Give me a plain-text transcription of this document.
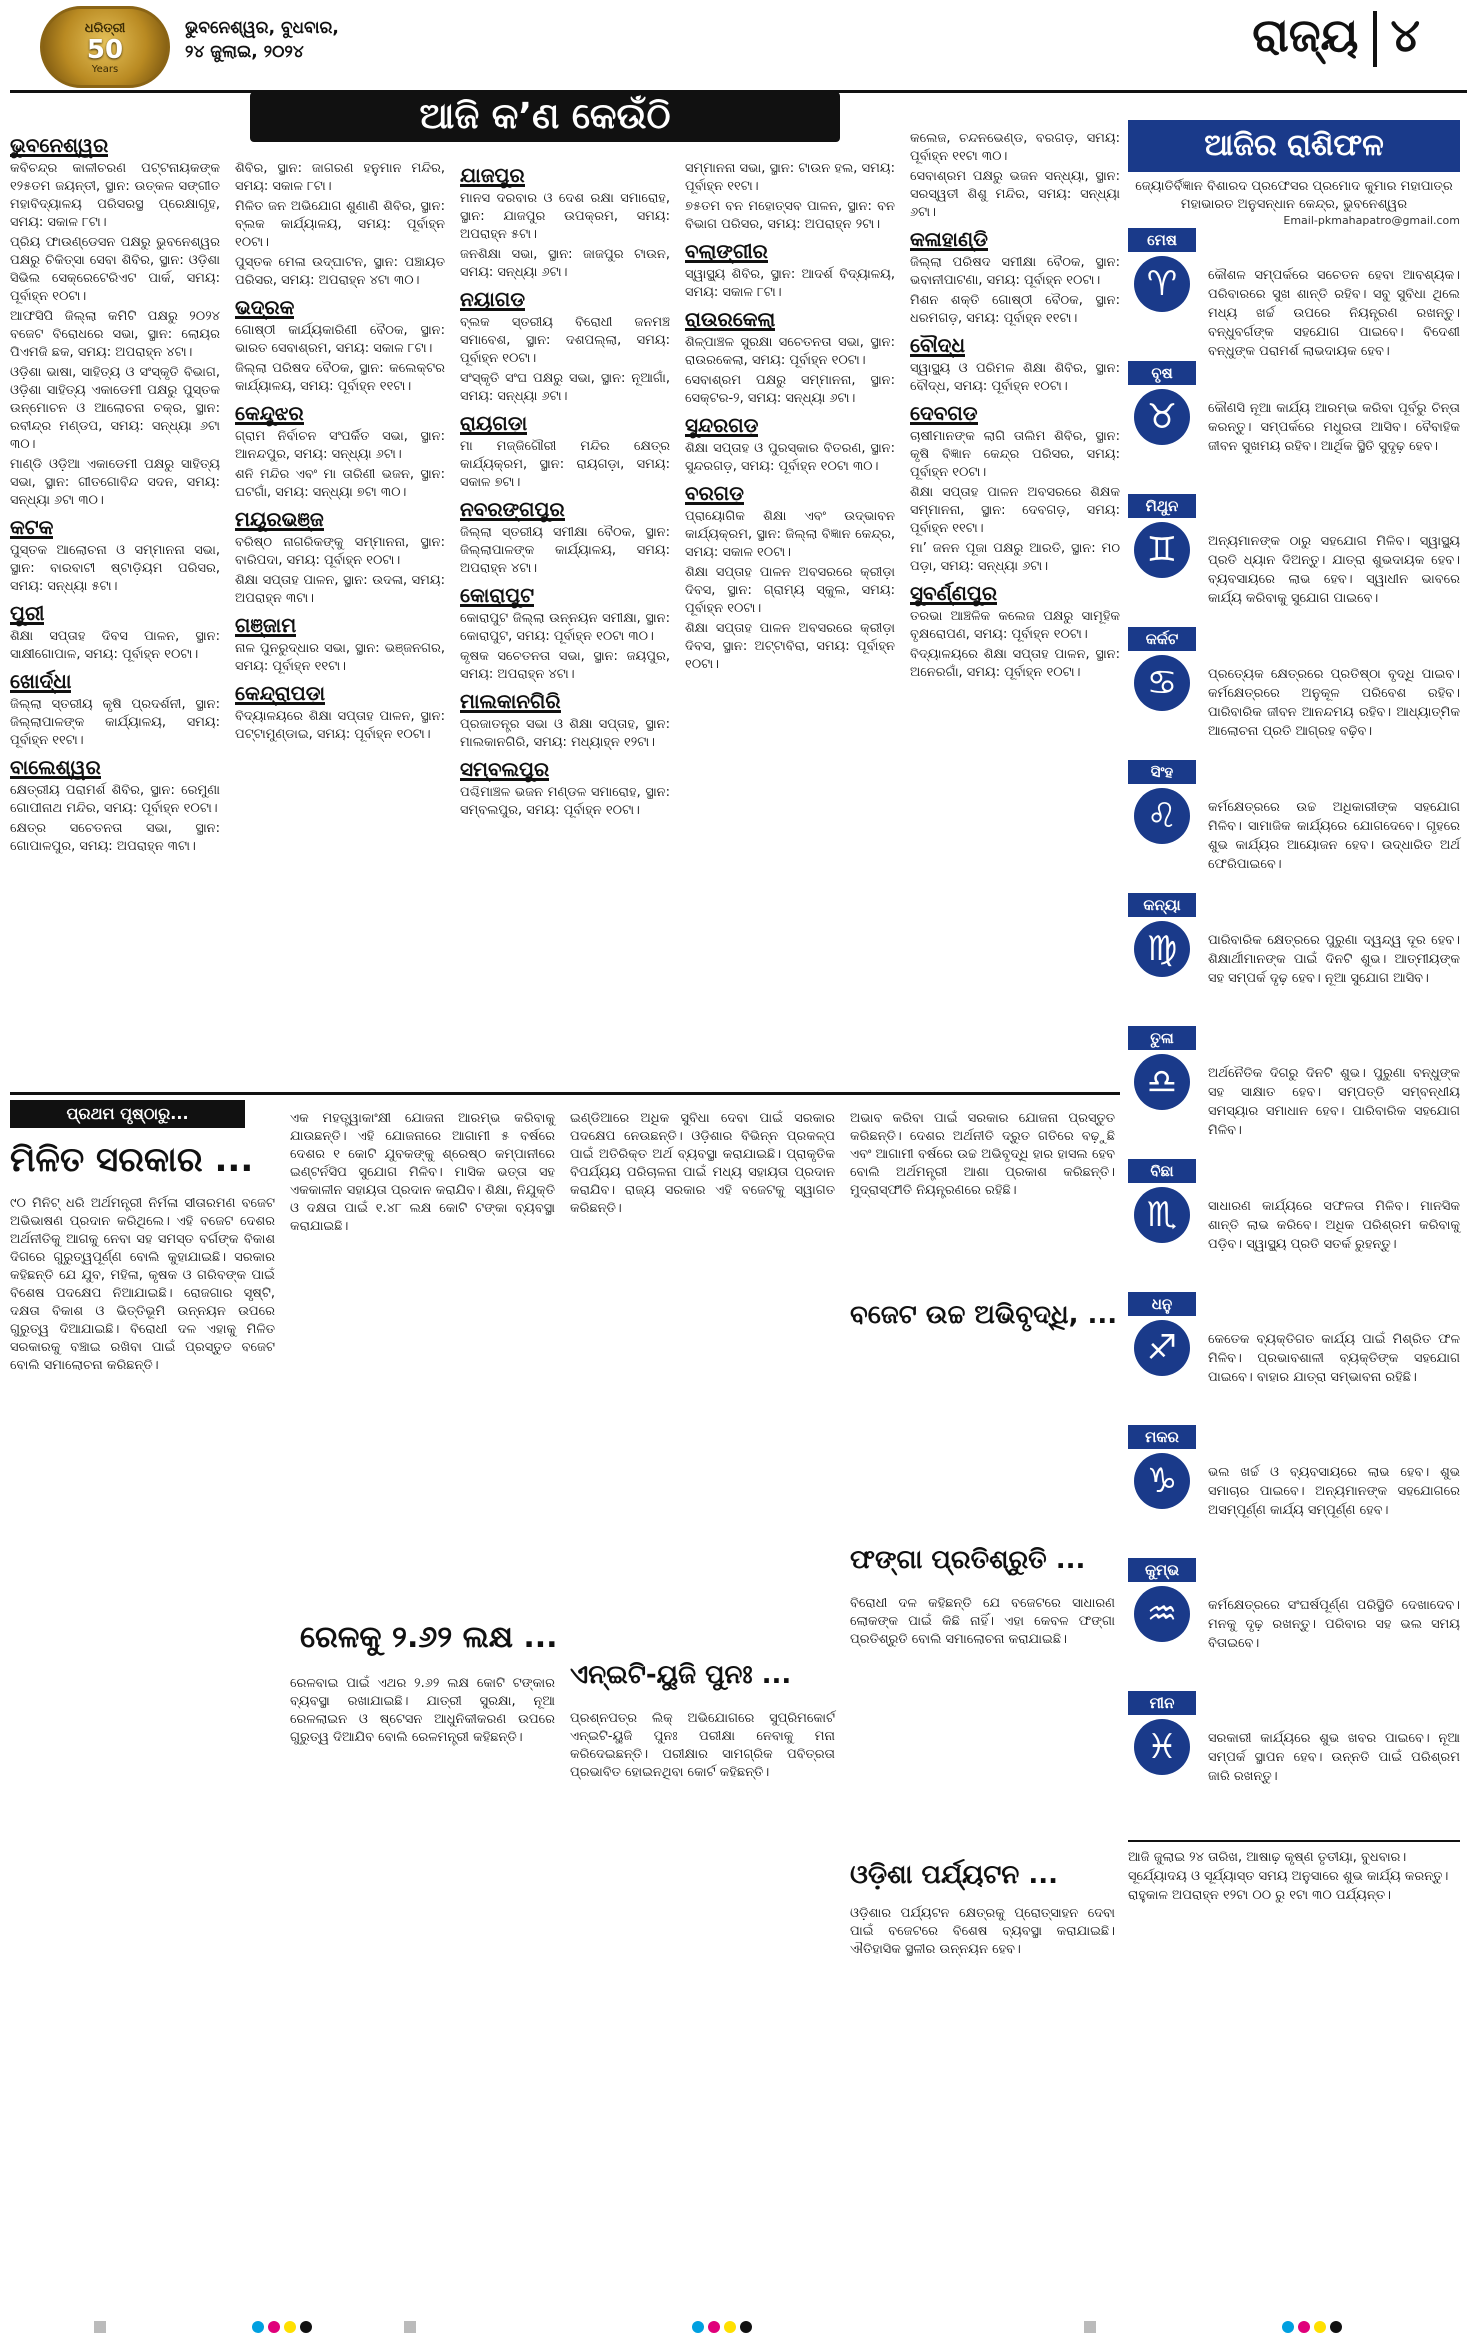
ଧରିତ୍ରୀ
50
Years
ଭୁବନେଶ୍ୱର, ବୁଧବାର,
୨୪ ଜୁଲାଇ, ୨୦୨୪	ରାଜ୍ୟ ୪
ଆଜି କ’ଣ କେଉଁଠି
ଭୁବନେଶ୍ୱର
କବିଚନ୍ଦ୍ର କାଳୀଚରଣ ପଟ୍ଟନାୟକଙ୍କ ୧୨୫ତମ ଜୟନ୍ତୀ, ସ୍ଥାନ: ଉତ୍କଳ ସଙ୍ଗୀତ ମହାବିଦ୍ୟାଳୟ ପରିସରସ୍ଥ ପ୍ରେକ୍ଷାଗୃହ, ସମୟ: ସକାଳ ୮ଟା।
ପ୍ରିୟ ଫାଉଣ୍ଡେସନ ପକ୍ଷରୁ ଭୁବନେଶ୍ୱର ପକ୍ଷରୁ ଚିକିତ୍ସା ସେବା ଶିବିର, ସ୍ଥାନ: ଓଡ଼ିଶା ସିଭିଲ ସେକ୍ରେଟେରିଏଟ ପାର୍କ, ସମୟ: ପୂର୍ବାହ୍ନ ୧୦ଟା।
ଆଫସିପି ଜିଲ୍ଲା କମିଟି ପକ୍ଷରୁ ୨୦୨୪ ବଜେଟ ବିରୋଧରେ ସଭା, ସ୍ଥାନ: ଲୋୟର ପିଏମଜି ଛକ, ସମୟ: ଅପରାହ୍ନ ୪ଟା।
ଓଡ଼ିଶା ଭାଷା, ସାହିତ୍ୟ ଓ ସଂସ୍କୃତି ବିଭାଗ, ଓଡ଼ିଶା ସାହିତ୍ୟ ଏକାଡେମୀ ପକ୍ଷରୁ ପୁସ୍ତକ ଉନ୍ମୋଚନ ଓ ଆଲୋଚନା ଚକ୍ର, ସ୍ଥାନ: ରବୀନ୍ଦ୍ର ମଣ୍ଡପ, ସମୟ: ସନ୍ଧ୍ୟା ୬ଟା ୩୦।
ମାଣ୍ଡି ଓଡ଼ିଆ ଏକାଡେମୀ ପକ୍ଷରୁ ସାହିତ୍ୟ ସଭା, ସ୍ଥାନ: ଗୀତଗୋବିନ୍ଦ ସଦନ, ସମୟ: ସନ୍ଧ୍ୟା ୬ଟା ୩୦।
କଟକ
ପୁସ୍ତକ ଆଲୋଚନା ଓ ସମ୍ମାନନା ସଭା, ସ୍ଥାନ: ବାରବାଟୀ ଷ୍ଟାଡ଼ିୟମ ପରିସର, ସମୟ: ସନ୍ଧ୍ୟା ୫ଟା।
ପୁରୀ
ଶିକ୍ଷା ସପ୍ତାହ ଦିବସ ପାଳନ, ସ୍ଥାନ: ସାକ୍ଷୀଗୋପାଳ, ସମୟ: ପୂର୍ବାହ୍ନ ୧୦ଟା।
ଖୋର୍ଦ୍ଧା
ଜିଲ୍ଲା ସ୍ତରୀୟ କୃଷି ପ୍ରଦର୍ଶନୀ, ସ୍ଥାନ: ଜିଲ୍ଲାପାଳଙ୍କ କାର୍ଯ୍ୟାଳୟ, ସମୟ: ପୂର୍ବାହ୍ନ ୧୧ଟା।
ବାଲେଶ୍ୱର
କ୍ଷେତ୍ରୀୟ ପରାମର୍ଶ ଶିବିର, ସ୍ଥାନ: ରେମୁଣା ଗୋପୀନାଥ ମନ୍ଦିର, ସମୟ: ପୂର୍ବାହ୍ନ ୧୦ଟା।
କ୍ଷେତ୍ର ସଚେତନତା ସଭା, ସ୍ଥାନ: ଗୋପାଳପୁର, ସମୟ: ଅପରାହ୍ନ ୩ଟା।
ଶିବିର, ସ୍ଥାନ: ଜାଗରଣ ହନୁମାନ ମନ୍ଦିର, ସମୟ: ସକାଳ ୮ଟା।
ମିଳିତ ଜନ ଅଭିଯୋଗ ଶୁଣାଣି ଶିବିର, ସ୍ଥାନ: ବ୍ଲକ କାର୍ଯ୍ୟାଳୟ, ସମୟ: ପୂର୍ବାହ୍ନ ୧୦ଟା।
ପୁସ୍ତକ ମେଳା ଉଦ୍‌ଘାଟନ, ସ୍ଥାନ: ପଞ୍ଚାୟତ ପରିସର, ସମୟ: ଅପରାହ୍ନ ୪ଟା ୩୦।
ଭଦ୍ରକ
ଗୋଷ୍ଠୀ କାର୍ଯ୍ୟକାରିଣୀ ବୈଠକ, ସ୍ଥାନ: ଭାରତ ସେବାଶ୍ରମ, ସମୟ: ସକାଳ ୮ଟା।
ଜିଲ୍ଲା ପରିଷଦ ବୈଠକ, ସ୍ଥାନ: କଲେକ୍ଟର କାର୍ଯ୍ୟାଳୟ, ସମୟ: ପୂର୍ବାହ୍ନ ୧୧ଟା।
କେନ୍ଦୁଝର
ଗ୍ରାମ ନିର୍ବାଚନ ସଂପର୍କିତ ସଭା, ସ୍ଥାନ: ଆନନ୍ଦପୁର, ସମୟ: ସନ୍ଧ୍ୟା ୬ଟା।
ଶନି ମନ୍ଦିର ଏବଂ ମା ତାରିଣୀ ଭଜନ, ସ୍ଥାନ: ଘଟଗାଁ, ସମୟ: ସନ୍ଧ୍ୟା ୭ଟା ୩୦।
ମୟୂରଭଞ୍ଜ
ବରିଷ୍ଠ ନାଗରିକଙ୍କୁ ସମ୍ମାନନା, ସ୍ଥାନ: ବାରିପଦା, ସମୟ: ପୂର୍ବାହ୍ନ ୧୦ଟା।
ଶିକ୍ଷା ସପ୍ତାହ ପାଳନ, ସ୍ଥାନ: ଉଦଳା, ସମୟ: ଅପରାହ୍ନ ୩ଟା।
ଗଞ୍ଜାମ
ନାଳ ପୁନରୁଦ୍ଧାର ସଭା, ସ୍ଥାନ: ଭଞ୍ଜନଗର, ସମୟ: ପୂର୍ବାହ୍ନ ୧୧ଟା।
କେନ୍ଦ୍ରାପଡ଼ା
ବିଦ୍ୟାଳୟରେ ଶିକ୍ଷା ସପ୍ତାହ ପାଳନ, ସ୍ଥାନ: ପଟ୍ଟାମୁଣ୍ଡାଇ, ସମୟ: ପୂର୍ବାହ୍ନ ୧୦ଟା।
ଯାଜପୁର
ମାନସ ଦରବାର ଓ ଦେଶ ରକ୍ଷା ସମାରୋହ, ସ୍ଥାନ: ଯାଜପୁର ଉପକ୍ରମ, ସମୟ: ଅପରାହ୍ନ ୫ଟା।
ଜନଶିକ୍ଷା ସଭା, ସ୍ଥାନ: ଜାଜପୁର ଟାଉନ, ସମୟ: ସନ୍ଧ୍ୟା ୬ଟା।
ନୟାଗଡ଼
ବ୍ଲକ ସ୍ତରୀୟ ବିରୋଧୀ ଜନମଞ୍ଚ ସମାବେଶ, ସ୍ଥାନ: ଦଶପଲ୍ଲା, ସମୟ: ପୂର୍ବାହ୍ନ ୧୦ଟା।
ସଂସ୍କୃତି ସଂଘ ପକ୍ଷରୁ ସଭା, ସ୍ଥାନ: ନୂଆଗାଁ, ସମୟ: ସନ୍ଧ୍ୟା ୬ଟା।
ରାୟଗଡ଼ା
ମା ମଜ୍ଜିଗୌରୀ ମନ୍ଦିର କ୍ଷେତ୍ର କାର୍ଯ୍ୟକ୍ରମ, ସ୍ଥାନ: ରାୟଗଡ଼ା, ସମୟ: ସକାଳ ୭ଟା।
ନବରଙ୍ଗପୁର
ଜିଲ୍ଲା ସ୍ତରୀୟ ସମୀକ୍ଷା ବୈଠକ, ସ୍ଥାନ: ଜିଲ୍ଲାପାଳଙ୍କ କାର୍ଯ୍ୟାଳୟ, ସମୟ: ଅପରାହ୍ନ ୪ଟା।
କୋରାପୁଟ
କୋରାପୁଟ ଜିଲ୍ଲା ଉନ୍ନୟନ ସମୀକ୍ଷା, ସ୍ଥାନ: କୋରାପୁଟ, ସମୟ: ପୂର୍ବାହ୍ନ ୧୦ଟା ୩୦।
କୃଷକ ସଚେତନତା ସଭା, ସ୍ଥାନ: ଜୟପୁର, ସମୟ: ଅପରାହ୍ନ ୪ଟା।
ମାଲକାନଗିରି
ପ୍ରଜାତନ୍ତ୍ର ସଭା ଓ ଶିକ୍ଷା ସପ୍ତାହ, ସ୍ଥାନ: ମାଲକାନଗିରି, ସମୟ: ମଧ୍ୟାହ୍ନ ୧୨ଟା।
ସମ୍ବଲପୁର
ପଶ୍ଚିମାଞ୍ଚଳ ଭଜନ ମଣ୍ଡଳ ସମାରୋହ, ସ୍ଥାନ: ସମ୍ବଲପୁର, ସମୟ: ପୂର୍ବାହ୍ନ ୧୦ଟା।
ସମ୍ମାନନା ସଭା, ସ୍ଥାନ: ଟାଉନ ହଲ, ସମୟ: ପୂର୍ବାହ୍ନ ୧୧ଟା।
୭୫ତମ ବନ ମହୋତ୍ସବ ପାଳନ, ସ୍ଥାନ: ବନ ବିଭାଗ ପରିସର, ସମୟ: ଅପରାହ୍ନ ୨ଟା।
ବଲାଙ୍ଗୀର
ସ୍ୱାସ୍ଥ୍ୟ ଶିବିର, ସ୍ଥାନ: ଆଦର୍ଶ ବିଦ୍ୟାଳୟ, ସମୟ: ସକାଳ ୮ଟା।
ରାଉରକେଲା
ଶିଳ୍ପାଞ୍ଚଳ ସୁରକ୍ଷା ସଚେତନତା ସଭା, ସ୍ଥାନ: ରାଉରକେଲା, ସମୟ: ପୂର୍ବାହ୍ନ ୧୦ଟା।
ସେବାଶ୍ରମ ପକ୍ଷରୁ ସମ୍ମାନନା, ସ୍ଥାନ: ସେକ୍ଟର-୨, ସମୟ: ସନ୍ଧ୍ୟା ୬ଟା।
ସୁନ୍ଦରଗଡ଼
ଶିକ୍ଷା ସପ୍ତାହ ଓ ପୁରସ୍କାର ବିତରଣ, ସ୍ଥାନ: ସୁନ୍ଦରଗଡ଼, ସମୟ: ପୂର୍ବାହ୍ନ ୧୦ଟା ୩୦।
ବରଗଡ଼
ପ୍ରାୟୋଗିକ ଶିକ୍ଷା ଏବଂ ଉଦ୍ଭାବନ କାର୍ଯ୍ୟକ୍ରମ, ସ୍ଥାନ: ଜିଲ୍ଲା ବିଜ୍ଞାନ କେନ୍ଦ୍ର, ସମୟ: ସକାଳ ୧୦ଟା।
ଶିକ୍ଷା ସପ୍ତାହ ପାଳନ ଅବସରରେ କ୍ରୀଡ଼ା ଦିବସ, ସ୍ଥାନ: ଗ୍ରାମ୍ୟ ସ୍କୁଲ, ସମୟ: ପୂର୍ବାହ୍ନ ୧୦ଟା।
ଶିକ୍ଷା ସପ୍ତାହ ପାଳନ ଅବସରରେ କ୍ରୀଡ଼ା ଦିବସ, ସ୍ଥାନ: ଅଟ୍ଟାବିରା, ସମୟ: ପୂର୍ବାହ୍ନ ୧୦ଟା।
କଲେଜ, ଚନ୍ଦନଭେଣ୍ଡ, ବରଗଡ଼, ସମୟ: ପୂର୍ବାହ୍ନ ୧୧ଟା ୩୦।
ସେବାଶ୍ରମ ପକ୍ଷରୁ ଭଜନ ସନ୍ଧ୍ୟା, ସ୍ଥାନ: ସରସ୍ୱତୀ ଶିଶୁ ମନ୍ଦିର, ସମୟ: ସନ୍ଧ୍ୟା ୬ଟା।
କଳାହାଣ୍ଡି
ଜିଲ୍ଲା ପରିଷଦ ସମୀକ୍ଷା ବୈଠକ, ସ୍ଥାନ: ଭବାନୀପାଟଣା, ସମୟ: ପୂର୍ବାହ୍ନ ୧୦ଟା।
ମିଶନ ଶକ୍ତି ଗୋଷ୍ଠୀ ବୈଠକ, ସ୍ଥାନ: ଧରମଗଡ଼, ସମୟ: ପୂର୍ବାହ୍ନ ୧୧ଟା।
ବୌଦ୍ଧ
ସ୍ୱାସ୍ଥ୍ୟ ଓ ପରିମଳ ଶିକ୍ଷା ଶିବିର, ସ୍ଥାନ: ବୌଦ୍ଧ, ସମୟ: ପୂର୍ବାହ୍ନ ୧୦ଟା।
ଦେବଗଡ଼
ଚାଷୀମାନଙ୍କ ଲାଗି ତାଲିମ ଶିବିର, ସ୍ଥାନ: କୃଷି ବିଜ୍ଞାନ କେନ୍ଦ୍ର ପରିସର, ସମୟ: ପୂର୍ବାହ୍ନ ୧୦ଟା।
ଶିକ୍ଷା ସପ୍ତାହ ପାଳନ ଅବସରରେ ଶିକ୍ଷକ ସମ୍ମାନନା, ସ୍ଥାନ: ଦେବଗଡ଼, ସମୟ: ପୂର୍ବାହ୍ନ ୧୧ଟା।
ମା’ ଜନନ ପୂଜା ପକ୍ଷରୁ ଆରତି, ସ୍ଥାନ: ମଠ ପଡ଼ା, ସମୟ: ସନ୍ଧ୍ୟା ୬ଟା।
ସୁବର୍ଣ୍ଣପୁର
ତରଭା ଆଞ୍ଚଳିକ କଲେଜ ପକ୍ଷରୁ ସାମୂହିକ ବୃକ୍ଷରୋପଣ, ସମୟ: ପୂର୍ବାହ୍ନ ୧୦ଟା।
ବିଦ୍ୟାଳୟରେ ଶିକ୍ଷା ସପ୍ତାହ ପାଳନ, ସ୍ଥାନ: ଅନେରଗାଁ, ସମୟ: ପୂର୍ବାହ୍ନ ୧୦ଟା।
ଆଜିର ରାଶିଫଳ
ଜ୍ୟୋତିର୍ବିଜ୍ଞାନ ବିଶାରଦ ପ୍ରଫେସର ପ୍ରମୋଦ କୁମାର ମହାପାତ୍ର
ମହାଭାରତ ଅନୁସନ୍ଧାନ କେନ୍ଦ୍ର, ଭୁବନେଶ୍ୱର
Email-pkmahapatro@gmail.com
ମେଷ
♈	କୌଶଳ ସମ୍ପର୍କରେ ସଚେତନ ହେବା ଆବଶ୍ୟକ। ପରିବାରରେ ସୁଖ ଶାନ୍ତି ରହିବ। ସବୁ ସୁବିଧା ଥିଲେ ମଧ୍ୟ ଖର୍ଚ୍ଚ ଉପରେ ନିୟନ୍ତ୍ରଣ ରଖନ୍ତୁ। ବନ୍ଧୁବର୍ଗଙ୍କ ସହଯୋଗ ପାଇବେ। ବିଦେଶୀ ବନ୍ଧୁଙ୍କ ପରାମର୍ଶ ଲାଭଦାୟକ ହେବ।
ବୃଷ
♉	କୌଣସି ନୂଆ କାର୍ଯ୍ୟ ଆରମ୍ଭ କରିବା ପୂର୍ବରୁ ଚିନ୍ତା କରନ୍ତୁ। ସମ୍ପର୍କରେ ମଧୁରତା ଆସିବ। ବୈବାହିକ ଜୀବନ ସୁଖମୟ ରହିବ। ଆର୍ଥିକ ସ୍ଥିତି ସୁଦୃଢ଼ ହେବ।
ମିଥୁନ
♊	ଅନ୍ୟମାନଙ୍କ ଠାରୁ ସହଯୋଗ ମିଳିବ। ସ୍ୱାସ୍ଥ୍ୟ ପ୍ରତି ଧ୍ୟାନ ଦିଅନ୍ତୁ। ଯାତ୍ରା ଶୁଭଦାୟକ ହେବ। ବ୍ୟବସାୟରେ ଲାଭ ହେବ। ସ୍ୱାଧୀନ ଭାବରେ କାର୍ଯ୍ୟ କରିବାକୁ ସୁଯୋଗ ପାଇବେ।
କର୍କଟ
♋	ପ୍ରତ୍ୟେକ କ୍ଷେତ୍ରରେ ପ୍ରତିଷ୍ଠା ବୃଦ୍ଧି ପାଇବ। କର୍ମକ୍ଷେତ୍ରରେ ଅନୁକୂଳ ପରିବେଶ ରହିବ। ପାରିବାରିକ ଜୀବନ ଆନନ୍ଦମୟ ରହିବ। ଆଧ୍ୟାତ୍ମିକ ଆଲୋଚନା ପ୍ରତି ଆଗ୍ରହ ବଢ଼ିବ।
ସିଂହ
♌	କର୍ମକ୍ଷେତ୍ରରେ ଉଚ୍ଚ ଅଧିକାରୀଙ୍କ ସହଯୋଗ ମିଳିବ। ସାମାଜିକ କାର୍ଯ୍ୟରେ ଯୋଗଦେବେ। ଗୃହରେ ଶୁଭ କାର୍ଯ୍ୟର ଆୟୋଜନ ହେବ। ଉଦ୍ଧାରିତ ଅର୍ଥ ଫେରିପାଇବେ।
କନ୍ୟା
♍	ପାରିବାରିକ କ୍ଷେତ୍ରରେ ପୁରୁଣା ଦ୍ୱନ୍ଦ୍ୱ ଦୂର ହେବ। ଶିକ୍ଷାର୍ଥୀମାନଙ୍କ ପାଇଁ ଦିନଟି ଶୁଭ। ଆତ୍ମୀୟଙ୍କ ସହ ସମ୍ପର୍କ ଦୃଢ଼ ହେବ। ନୂଆ ସୁଯୋଗ ଆସିବ।
ତୁଳା
♎	ଅର୍ଥନୈତିକ ଦିଗରୁ ଦିନଟି ଶୁଭ। ପୁରୁଣା ବନ୍ଧୁଙ୍କ ସହ ସାକ୍ଷାତ ହେବ। ସମ୍ପତ୍ତି ସମ୍ବନ୍ଧୀୟ ସମସ୍ୟାର ସମାଧାନ ହେବ। ପାରିବାରିକ ସହଯୋଗ ମିଳିବ।
ବିଛା
♏	ସାଧାରଣ କାର୍ଯ୍ୟରେ ସଫଳତା ମିଳିବ। ମାନସିକ ଶାନ୍ତି ଲାଭ କରିବେ। ଅଧିକ ପରିଶ୍ରମ କରିବାକୁ ପଡ଼ିବ। ସ୍ୱାସ୍ଥ୍ୟ ପ୍ରତି ସତର୍କ ରୁହନ୍ତୁ।
ଧନୁ
♐	କେତେକ ବ୍ୟକ୍ତିଗତ କାର୍ଯ୍ୟ ପାଇଁ ମିଶ୍ରିତ ଫଳ ମିଳିବ। ପ୍ରଭାବଶାଳୀ ବ୍ୟକ୍ତିଙ୍କ ସହଯୋଗ ପାଇବେ। ବାହାର ଯାତ୍ରା ସମ୍ଭାବନା ରହିଛି।
ମକର
♑	ଭଲ ଖର୍ଚ୍ଚ ଓ ବ୍ୟବସାୟରେ ଲାଭ ହେବ। ଶୁଭ ସମାଚାର ପାଇବେ। ଅନ୍ୟମାନଙ୍କ ସହଯୋଗରେ ଅସମ୍ପୂର୍ଣ୍ଣ କାର୍ଯ୍ୟ ସମ୍ପୂର୍ଣ୍ଣ ହେବ।
କୁମ୍ଭ
♒	କର୍ମକ୍ଷେତ୍ରରେ ସଂଘର୍ଷପୂର୍ଣ୍ଣ ପରିସ୍ଥିତି ଦେଖାଦେବ। ମନକୁ ଦୃଢ଼ ରଖନ୍ତୁ। ପରିବାର ସହ ଭଲ ସମୟ ବିତାଇବେ।
ମୀନ
♓	ସରକାରୀ କାର୍ଯ୍ୟରେ ଶୁଭ ଖବର ପାଇବେ। ନୂଆ ସମ୍ପର୍କ ସ୍ଥାପନ ହେବ। ଉନ୍ନତି ପାଇଁ ପରିଶ୍ରମ ଜାରି ରଖନ୍ତୁ।
ଆଜି ଜୁଲାଇ ୨୪ ତାରିଖ, ଆଷାଢ଼ କୃଷ୍ଣ ତୃତୀୟା, ବୁଧବାର। ସୂର୍ଯ୍ୟୋଦୟ ଓ ସୂର୍ଯ୍ୟାସ୍ତ ସମୟ ଅନୁସାରେ ଶୁଭ କାର୍ଯ୍ୟ କରନ୍ତୁ। ରାହୁକାଳ ଅପରାହ୍ନ ୧୨ଟା ୦୦ ରୁ ୧ଟା ୩୦ ପର୍ଯ୍ୟନ୍ତ।
ପ୍ରଥମ ପୃଷ୍ଠାରୁ...
ମିଳିତ ସରକାର ...
୯୦ ମିନିଟ୍ ଧରି ଅର୍ଥମନ୍ତ୍ରୀ ନିର୍ମଳା ସୀତାରମଣ ବଜେଟ ଅଭିଭାଷଣ ପ୍ରଦାନ କରିଥିଲେ। ଏହି ବଜେଟ ଦେଶର ଅର୍ଥନୀତିକୁ ଆଗକୁ ନେବା ସହ ସମସ୍ତ ବର୍ଗଙ୍କ ବିକାଶ ଦିଗରେ ଗୁରୁତ୍ୱପୂର୍ଣ୍ଣ ବୋଲି କୁହାଯାଇଛି। ସରକାର କହିଛନ୍ତି ଯେ ଯୁବ, ମହିଳା, କୃଷକ ଓ ଗରିବଙ୍କ ପାଇଁ ବିଶେଷ ପଦକ୍ଷେପ ନିଆଯାଇଛି। ରୋଜଗାର ସୃଷ୍ଟି, ଦକ୍ଷତା ବିକାଶ ଓ ଭିତ୍ତିଭୂମି ଉନ୍ନୟନ ଉପରେ ଗୁରୁତ୍ୱ ଦିଆଯାଇଛି। ବିରୋଧୀ ଦଳ ଏହାକୁ ମିଳିତ ସରକାରକୁ ବଞ୍ଚାଇ ରଖିବା ପାଇଁ ପ୍ରସ୍ତୁତ ବଜେଟ ବୋଲି ସମାଲୋଚନା କରିଛନ୍ତି।
ଏକ ମହତ୍ତ୍ୱାକାଂକ୍ଷୀ ଯୋଜନା ଆରମ୍ଭ କରିବାକୁ ଯାଉଛନ୍ତି। ଏହି ଯୋଜନାରେ ଆଗାମୀ ୫ ବର୍ଷରେ ଦେଶର ୧ କୋଟି ଯୁବକଙ୍କୁ ଶ୍ରେଷ୍ଠ କମ୍ପାନୀରେ ଇଣ୍ଟର୍ନସିପ ସୁଯୋଗ ମିଳିବ। ମାସିକ ଭତ୍ତା ସହ ଏକକାଳୀନ ସହାୟତା ପ୍ରଦାନ କରାଯିବ। ଶିକ୍ଷା, ନିଯୁକ୍ତି ଓ ଦକ୍ଷତା ପାଇଁ ୧.୪୮ ଲକ୍ଷ କୋଟି ଟଙ୍କା ବ୍ୟବସ୍ଥା କରାଯାଇଛି।
ରେଳକୁ ୨.୬୨ ଲକ୍ଷ ...
ରେଳବାଇ ପାଇଁ ଏଥର ୨.୬୨ ଲକ୍ଷ କୋଟି ଟଙ୍କାର ବ୍ୟବସ୍ଥା ରଖାଯାଇଛି। ଯାତ୍ରୀ ସୁରକ୍ଷା, ନୂଆ ରେଳଲାଇନ ଓ ଷ୍ଟେସନ ଆଧୁନିକୀକରଣ ଉପରେ ଗୁରୁତ୍ୱ ଦିଆଯିବ ବୋଲି ରେଳମନ୍ତ୍ରୀ କହିଛନ୍ତି।
ଇଣ୍ଡିଆରେ ଅଧିକ ସୁବିଧା ଦେବା ପାଇଁ ସରକାର ପଦକ୍ଷେପ ନେଉଛନ୍ତି। ଓଡ଼ିଶାର ବିଭିନ୍ନ ପ୍ରକଳ୍ପ ପାଇଁ ଅତିରିକ୍ତ ଅର୍ଥ ବ୍ୟବସ୍ଥା କରାଯାଇଛି। ପ୍ରାକୃତିକ ବିପର୍ଯ୍ୟୟ ପରିଚାଳନା ପାଇଁ ମଧ୍ୟ ସହାୟତା ପ୍ରଦାନ କରାଯିବ। ରାଜ୍ୟ ସରକାର ଏହି ବଜେଟକୁ ସ୍ୱାଗତ କରିଛନ୍ତି।
ଏନ୍‌ଇଟି-ୟୁଜି ପୁନଃ ...
ପ୍ରଶ୍ନପତ୍ର ଲିକ୍ ଅଭିଯୋଗରେ ସୁପ୍ରିମକୋର୍ଟ ଏନ୍‌ଇଟି-ୟୁଜି ପୁନଃ ପରୀକ୍ଷା ନେବାକୁ ମନା କରିଦେଇଛନ୍ତି। ପରୀକ୍ଷାର ସାମଗ୍ରିକ ପବିତ୍ରତା ପ୍ରଭାବିତ ହୋଇନଥିବା କୋର୍ଟ କହିଛନ୍ତି।
ଅଭାବ କରିବା ପାଇଁ ସରକାର ଯୋଜନା ପ୍ରସ୍ତୁତ କରିଛନ୍ତି। ଦେଶର ଅର୍ଥନୀତି ଦ୍ରୁତ ଗତିରେ ବଢ଼ୁଛି ଏବଂ ଆଗାମୀ ବର୍ଷରେ ଉଚ୍ଚ ଅଭିବୃଦ୍ଧି ହାର ହାସଲ ହେବ ବୋଲି ଅର୍ଥମନ୍ତ୍ରୀ ଆଶା ପ୍ରକାଶ କରିଛନ୍ତି। ମୁଦ୍ରାସ୍ଫୀତି ନିୟନ୍ତ୍ରଣରେ ରହିଛି।
ବଜେଟ ଉଚ୍ଚ ଅଭିବୃଦ୍ଧି, ...
ଫଙ୍ଗା ପ୍ରତିଶ୍ରୁତି ...
ବିରୋଧୀ ଦଳ କହିଛନ୍ତି ଯେ ବଜେଟରେ ସାଧାରଣ ଲୋକଙ୍କ ପାଇଁ କିଛି ନାହିଁ। ଏହା କେବଳ ଫଙ୍ଗା ପ୍ରତିଶ୍ରୁତି ବୋଲି ସମାଲୋଚନା କରାଯାଇଛି।
ଓଡ଼ିଶା ପର୍ଯ୍ୟଟନ ...
ଓଡ଼ିଶାର ପର୍ଯ୍ୟଟନ କ୍ଷେତ୍ରକୁ ପ୍ରୋତ୍ସାହନ ଦେବା ପାଇଁ ବଜେଟରେ ବିଶେଷ ବ୍ୟବସ୍ଥା କରାଯାଇଛି। ଐତିହାସିକ ସ୍ଥଳୀର ଉନ୍ନୟନ ହେବ।
